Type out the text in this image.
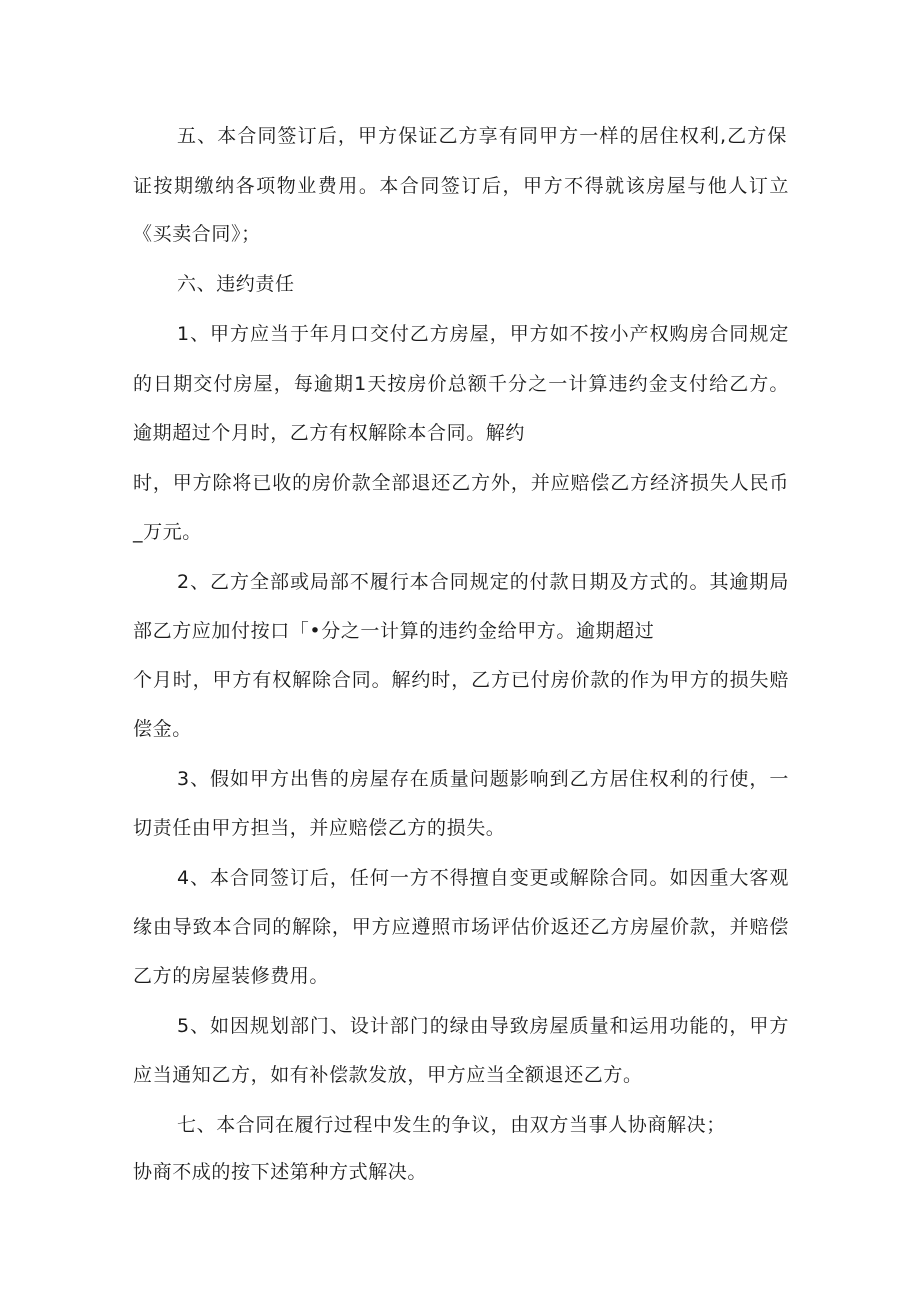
五、本合同签订后，甲方保证乙方享有同甲方一样的居住权利,乙方保

证按期缴纳各项物业费用。本合同签订后，甲方不得就该房屋与他人订立

《买卖合同》；

六、违约责任

1、甲方应当于年月口交付乙方房屋，甲方如不按小产权购房合同规定

的日期交付房屋，每逾期1天按房价总额千分之一计算违约金支付给乙方。

逾期超过个月时，乙方有权解除本合同。解约

时，甲方除将已收的房价款全部退还乙方外，并应赔偿乙方经济损失人民币

_万元。

2、乙方全部或局部不履行本合同规定的付款日期及方式的。其逾期局

部乙方应加付按口「•分之一计算的违约金给甲方。逾期超过

个月时，甲方有权解除合同。解约时，乙方已付房价款的作为甲方的损失赔

偿金。

3、假如甲方出售的房屋存在质量问题影响到乙方居住权利的行使，一

切责任由甲方担当，并应赔偿乙方的损失。

4、本合同签订后，任何一方不得擅自变更或解除合同。如因重大客观

缘由导致本合同的解除，甲方应遵照市场评估价返还乙方房屋价款，并赔偿

乙方的房屋装修费用。

5、如因规划部门、设计部门的绿由导致房屋质量和运用功能的，甲方

应当通知乙方，如有补偿款发放，甲方应当全额退还乙方。

七、本合同在履行过程中发生的争议，由双方当事人协商解决；

协商不成的按下述第种方式解决。
